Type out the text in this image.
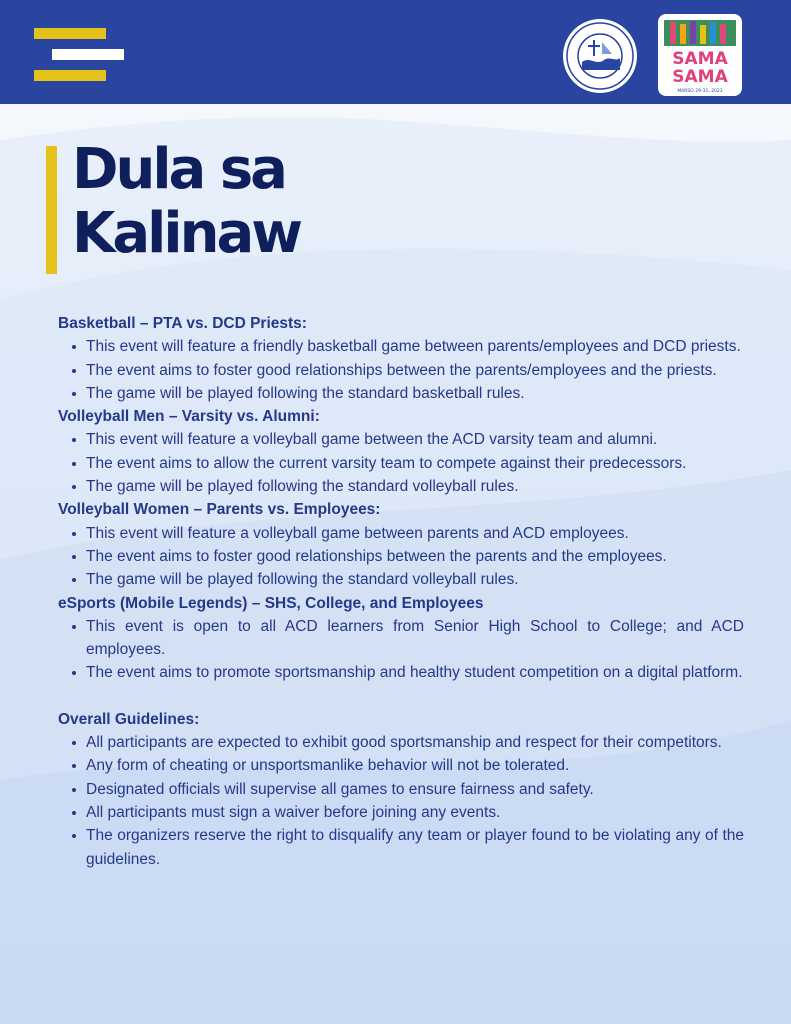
SAMA
SAMA
MARSO 29-31, 2023
Dula sa
Kalinaw

Basketball – PTA vs. DCD Priests:

This event will feature a friendly basketball game between parents/employees and DCD priests.
The event aims to foster good relationships between the parents/employees and the priests.
The game will be played following the standard basketball rules.

Volleyball Men – Varsity vs. Alumni:

This event will feature a volleyball game between the ACD varsity team and alumni.
The event aims to allow the current varsity team to compete against their predecessors.
The game will be played following the standard volleyball rules.

Volleyball Women – Parents vs. Employees:

This event will feature a volleyball game between parents and ACD employees.
The event aims to foster good relationships between the parents and the employees.
The game will be played following the standard volleyball rules.

eSports (Mobile Legends) – SHS, College, and Employees

This event is open to all ACD learners from Senior High School to College; and ACD employees.
The event aims to promote sportsmanship and healthy student competition on a digital platform.

Overall Guidelines:

All participants are expected to exhibit good sportsmanship and respect for their competitors.
Any form of cheating or unsportsmanlike behavior will not be tolerated.
Designated officials will supervise all games to ensure fairness and safety.
All participants must sign a waiver before joining any events.
The organizers reserve the right to disqualify any team or player found to be violating any of the guidelines.
